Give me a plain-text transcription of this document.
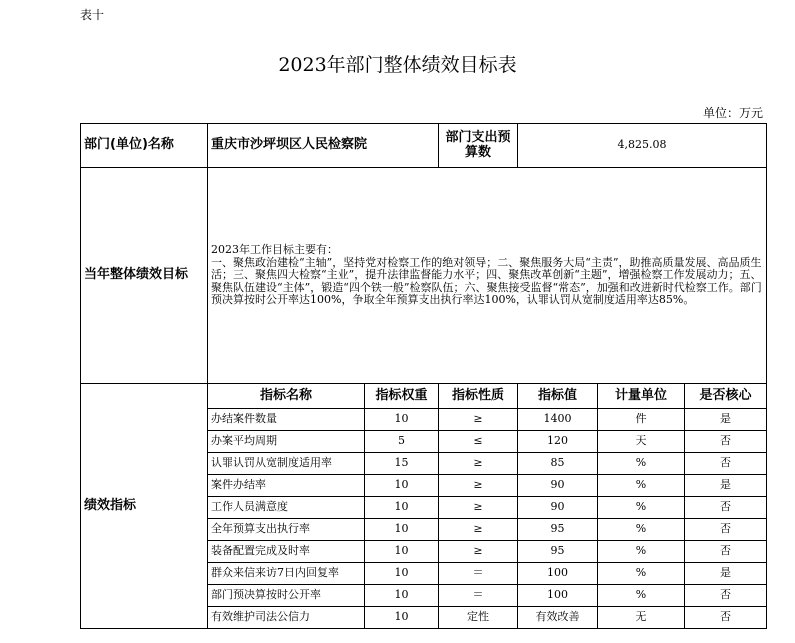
表十
2023年部门整体绩效目标表
单位：万元
部门(单位)名称	重庆市沙坪坝区人民检察院		部门支出预算数	4,825.08		
当年整体绩效目标	2023年工作目标主要有：

一、聚焦政治建检“主轴”，坚持党对检察工作的绝对领导；二、聚焦服务大局“主责”，助推高质量发展、高品质生活；三、聚焦四大检察“主业”，提升法律监督能力水平；四、聚焦改革创新“主题”，增强检察工作发展动力；五、聚焦队伍建设“主体”，锻造“四个铁一般”检察队伍；六、聚焦接受监督“常态”，加强和改进新时代检察工作。部门预决算按时公开率达100%，争取全年预算支出执行率达100%，认罪认罚从宽制度适用率达85%。					

绩效指标	指标名称	指标权重	指标性质	指标值	计量单位	是否核心
	办结案件数量	10	≥	1400	件	是
	办案平均周期	5	≤	120	天	否
	认罪认罚从宽制度适用率	15	≥	85	%	否
	案件办结率	10	≥	90	%	是
	工作人员满意度	10	≥	90	%	否
	全年预算支出执行率	10	≥	95	%	否
	装备配置完成及时率	10	≥	95	%	否
	群众来信来访7日内回复率	10	＝	100	%	是
	部门预决算按时公开率	10	＝	100	%	否
	有效维护司法公信力	10	定性	有效改善	无	否
